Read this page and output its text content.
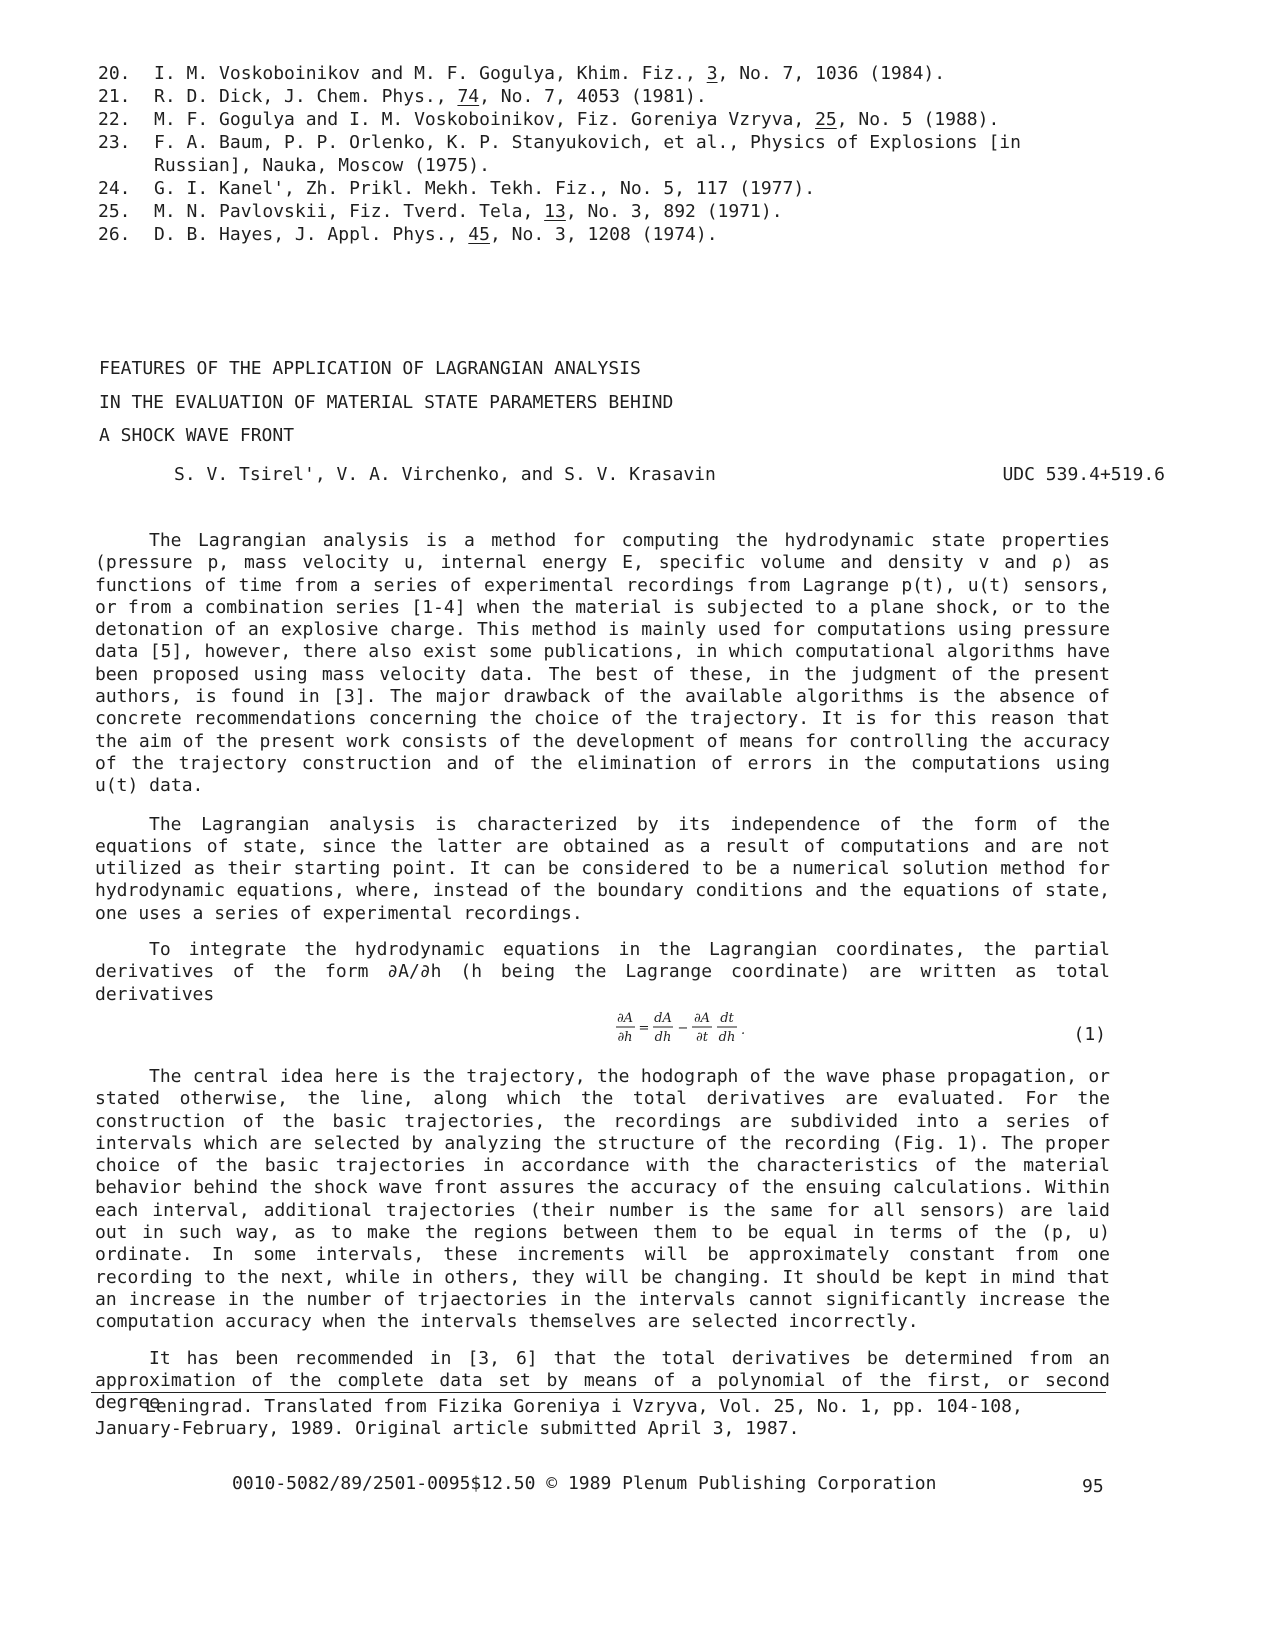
20.	I. M. Voskoboinikov and M. F. Gogulya, Khim. Fiz., 3, No. 7, 1036 (1984).
21.	R. D. Dick, J. Chem. Phys., 74, No. 7, 4053 (1981).
22.	M. F. Gogulya and I. M. Voskoboinikov, Fiz. Goreniya Vzryva, 25, No. 5 (1988).
23.	F. A. Baum, P. P. Orlenko, K. P. Stanyukovich, et al., Physics of Explosions [in Russian], Nauka, Moscow (1975).
24.	G. I. Kanel', Zh. Prikl. Mekh. Tekh. Fiz., No. 5, 117 (1977).
25.	M. N. Pavlovskii, Fiz. Tverd. Tela, 13, No. 3, 892 (1971).
26.	D. B. Hayes, J. Appl. Phys., 45, No. 3, 1208 (1974).
FEATURES OF THE APPLICATION OF LAGRANGIAN ANALYSIS
IN THE EVALUATION OF MATERIAL STATE PARAMETERS BEHIND
A SHOCK WAVE FRONT
S. V. Tsirel', V. A. Virchenko, and S. V. Krasavin	UDC 539.4+519.6

The Lagrangian analysis is a method for computing the hydrodynamic state properties (pressure p, mass velocity u, internal energy E, specific volume and density v and ρ) as functions of time from a series of experimental recordings from Lagrange p(t), u(t) sensors, or from a combination series [1-4] when the material is subjected to a plane shock, or to the detonation of an explosive charge. This method is mainly used for computations using pressure data [5], however, there also exist some publications, in which computational algorithms have been proposed using mass velocity data. The best of these, in the judgment of the present authors, is found in [3]. The major drawback of the available algorithms is the absence of concrete recommendations concerning the choice of the trajectory. It is for this reason that the aim of the present work consists of the development of means for controlling the accuracy of the trajectory construction and of the elimination of errors in the computations using u(t) data.

The Lagrangian analysis is characterized by its independence of the form of the equations of state, since the latter are obtained as a result of computations and are not utilized as their starting point. It can be considered to be a numerical solution method for hydrodynamic equations, where, instead of the boundary conditions and the equations of state, one uses a series of experimental recordings.

To integrate the hydrodynamic equations in the Lagrangian coordinates, the partial derivatives of the form ∂A/∂h (h being the Lagrange coordinate) are written as total derivatives

∂A
∂h
=
dA
dh
−
∂A
∂t
dt
dh .	(1)

The central idea here is the trajectory, the hodograph of the wave phase propagation, or stated otherwise, the line, along which the total derivatives are evaluated. For the construction of the basic trajectories, the recordings are subdivided into a series of intervals which are selected by analyzing the structure of the recording (Fig. 1). The proper choice of the basic trajectories in accordance with the characteristics of the material behavior behind the shock wave front assures the accuracy of the ensuing calculations. Within each interval, additional trajectories (their number is the same for all sensors) are laid out in such way, as to make the regions between them to be equal in terms of the (p, u) ordinate. In some intervals, these increments will be approximately constant from one recording to the next, while in others, they will be changing. It should be kept in mind that an increase in the number of trjaectories in the intervals cannot significantly increase the computation accuracy when the intervals themselves are selected incorrectly.

It has been recommended in [3, 6] that the total derivatives be determined from an approximation of the complete data set by means of a polynomial of the first, or second degree

Leningrad. Translated from Fizika Goreniya i Vzryva, Vol. 25, No. 1, pp. 104-108,

January-February, 1989. Original article submitted April 3, 1987.
0010-5082/89/2501-0095$12.50 © 1989 Plenum Publishing Corporation	95
